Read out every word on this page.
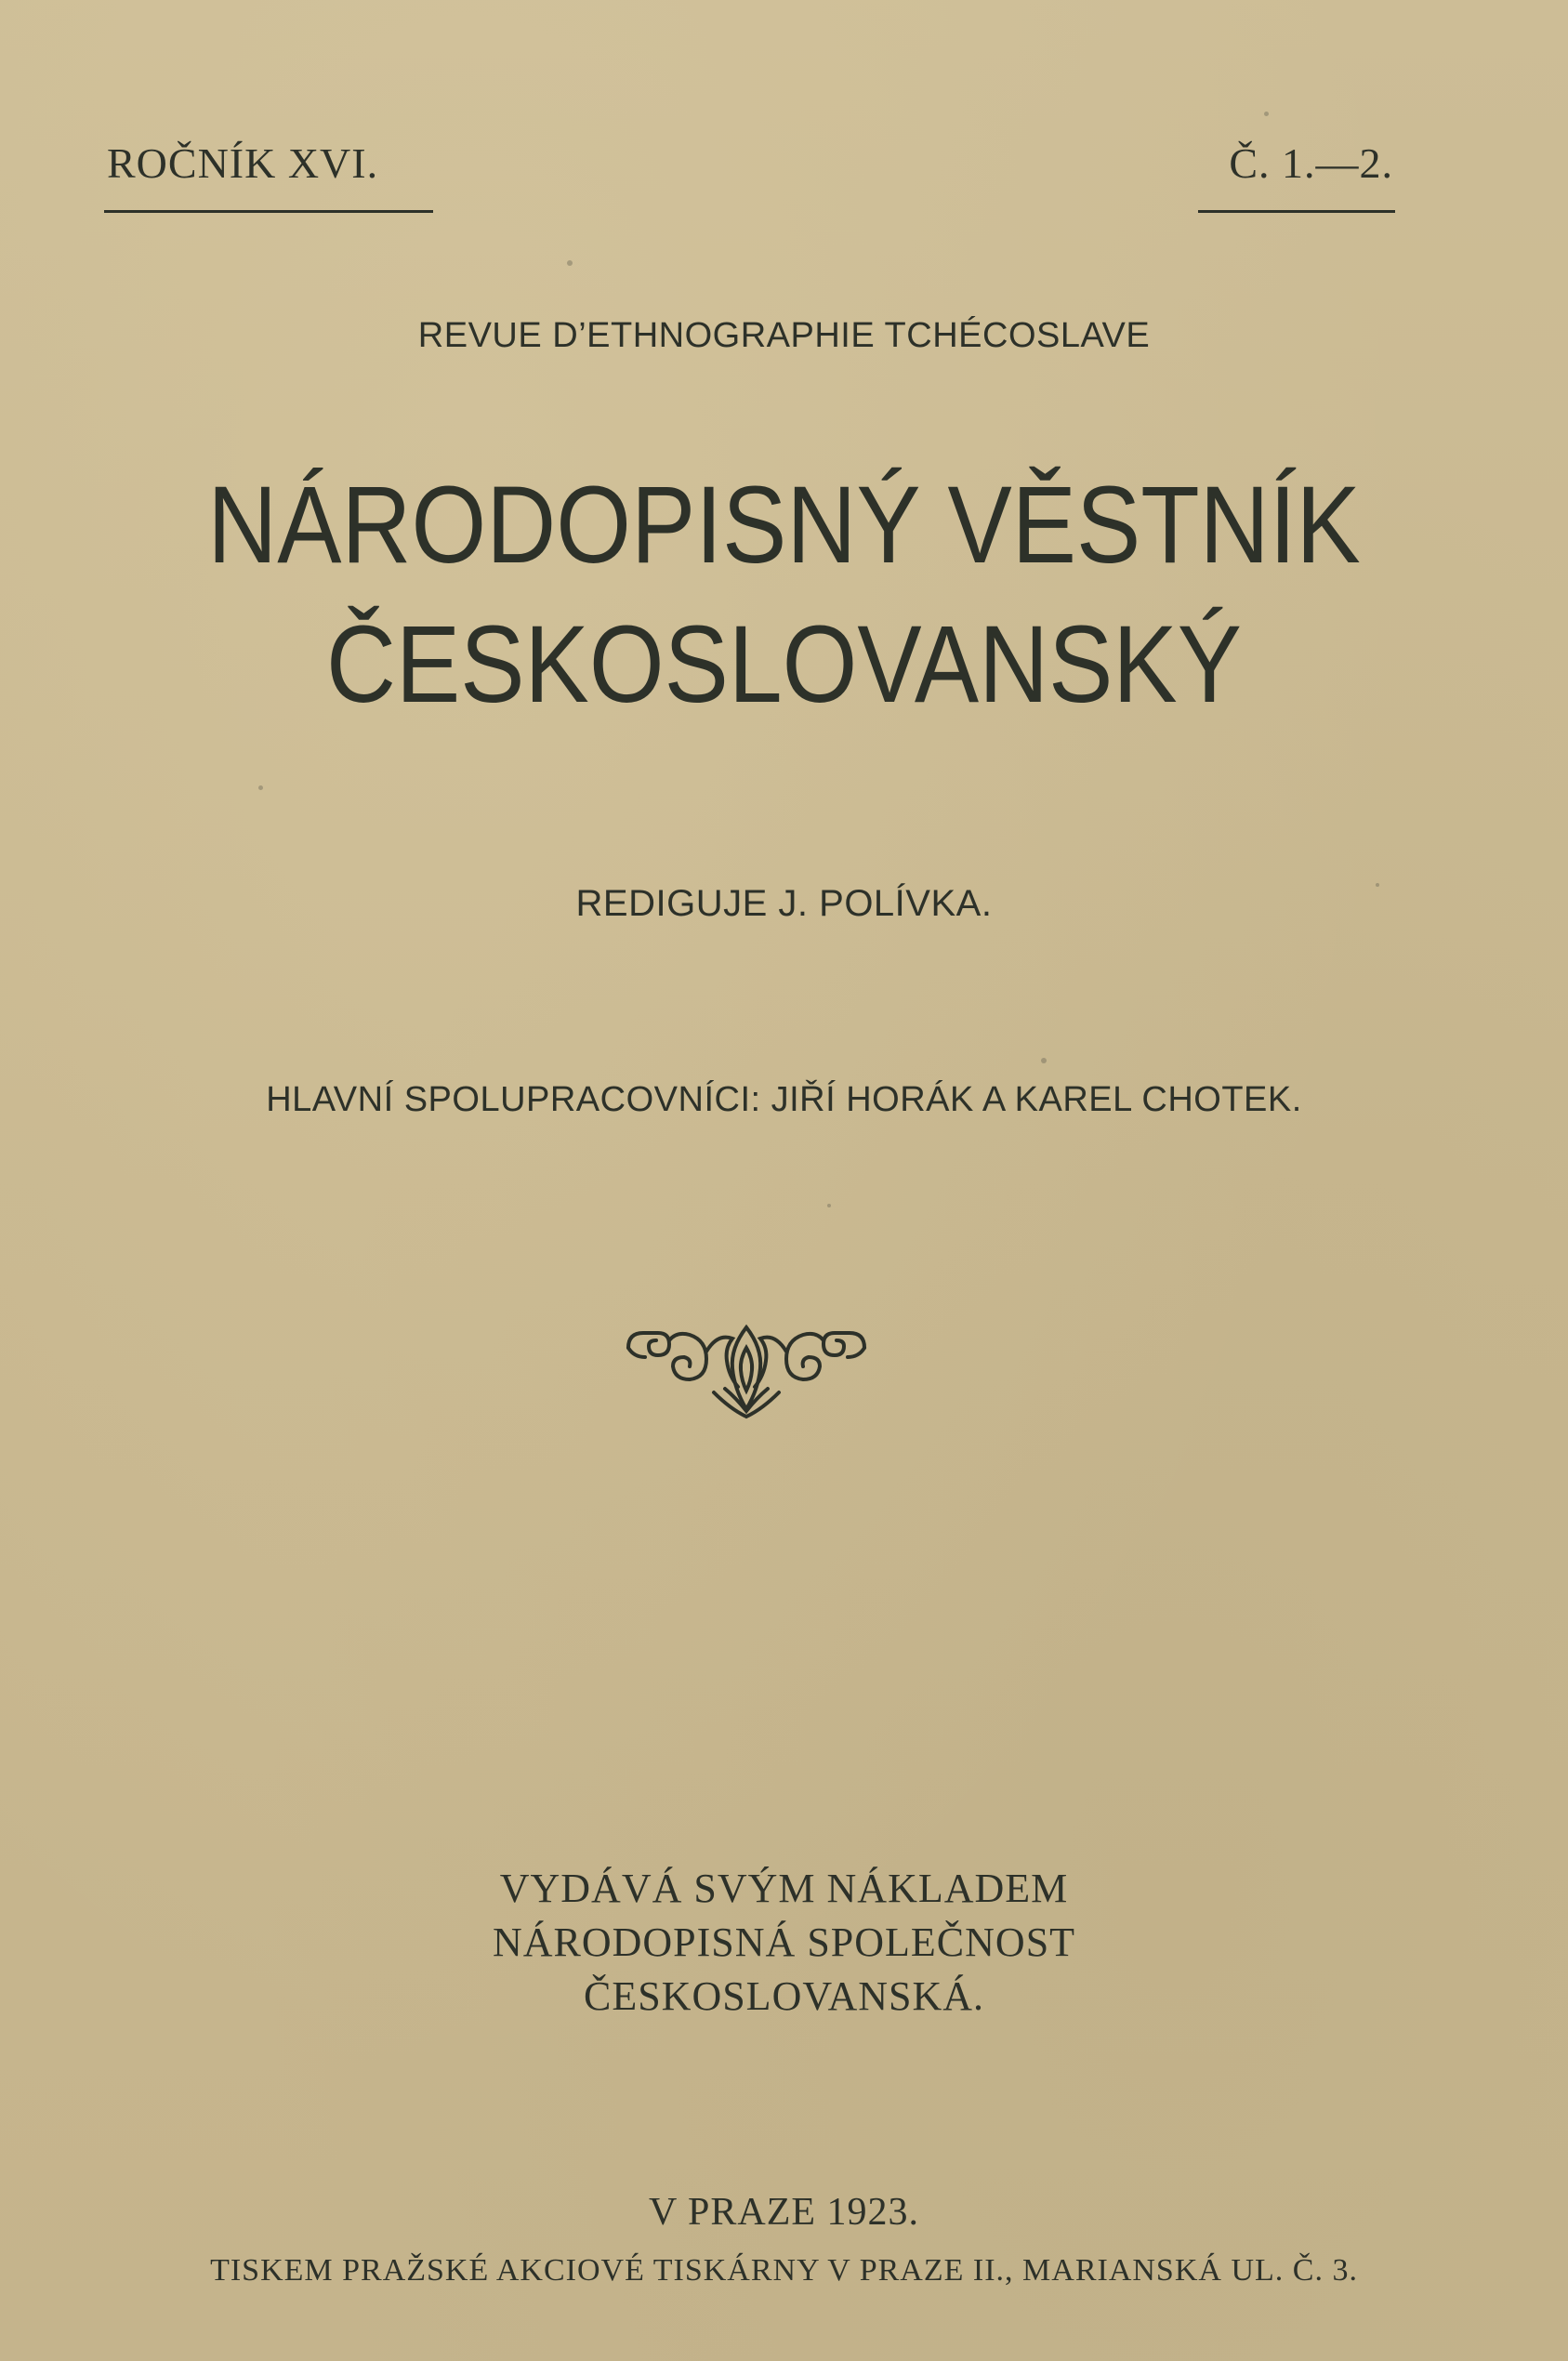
ROČNÍK XVI.	Č. 1.—2.
REVUE D’ETHNOGRAPHIE TCHÉCOSLAVE
NÁRODOPISNÝ VĚSTNÍK
ČESKOSLOVANSKÝ
REDIGUJE J. POLÍVKA.
HLAVNÍ SPOLUPRACOVNÍCI: JIŘÍ HORÁK A KAREL CHOTEK.
VYDÁVÁ SVÝM NÁKLADEM
NÁRODOPISNÁ SPOLEČNOST
ČESKOSLOVANSKÁ.
V PRAZE 1923.
TISKEM PRAŽSKÉ AKCIOVÉ TISKÁRNY V PRAZE II., MARIANSKÁ UL. Č. 3.
